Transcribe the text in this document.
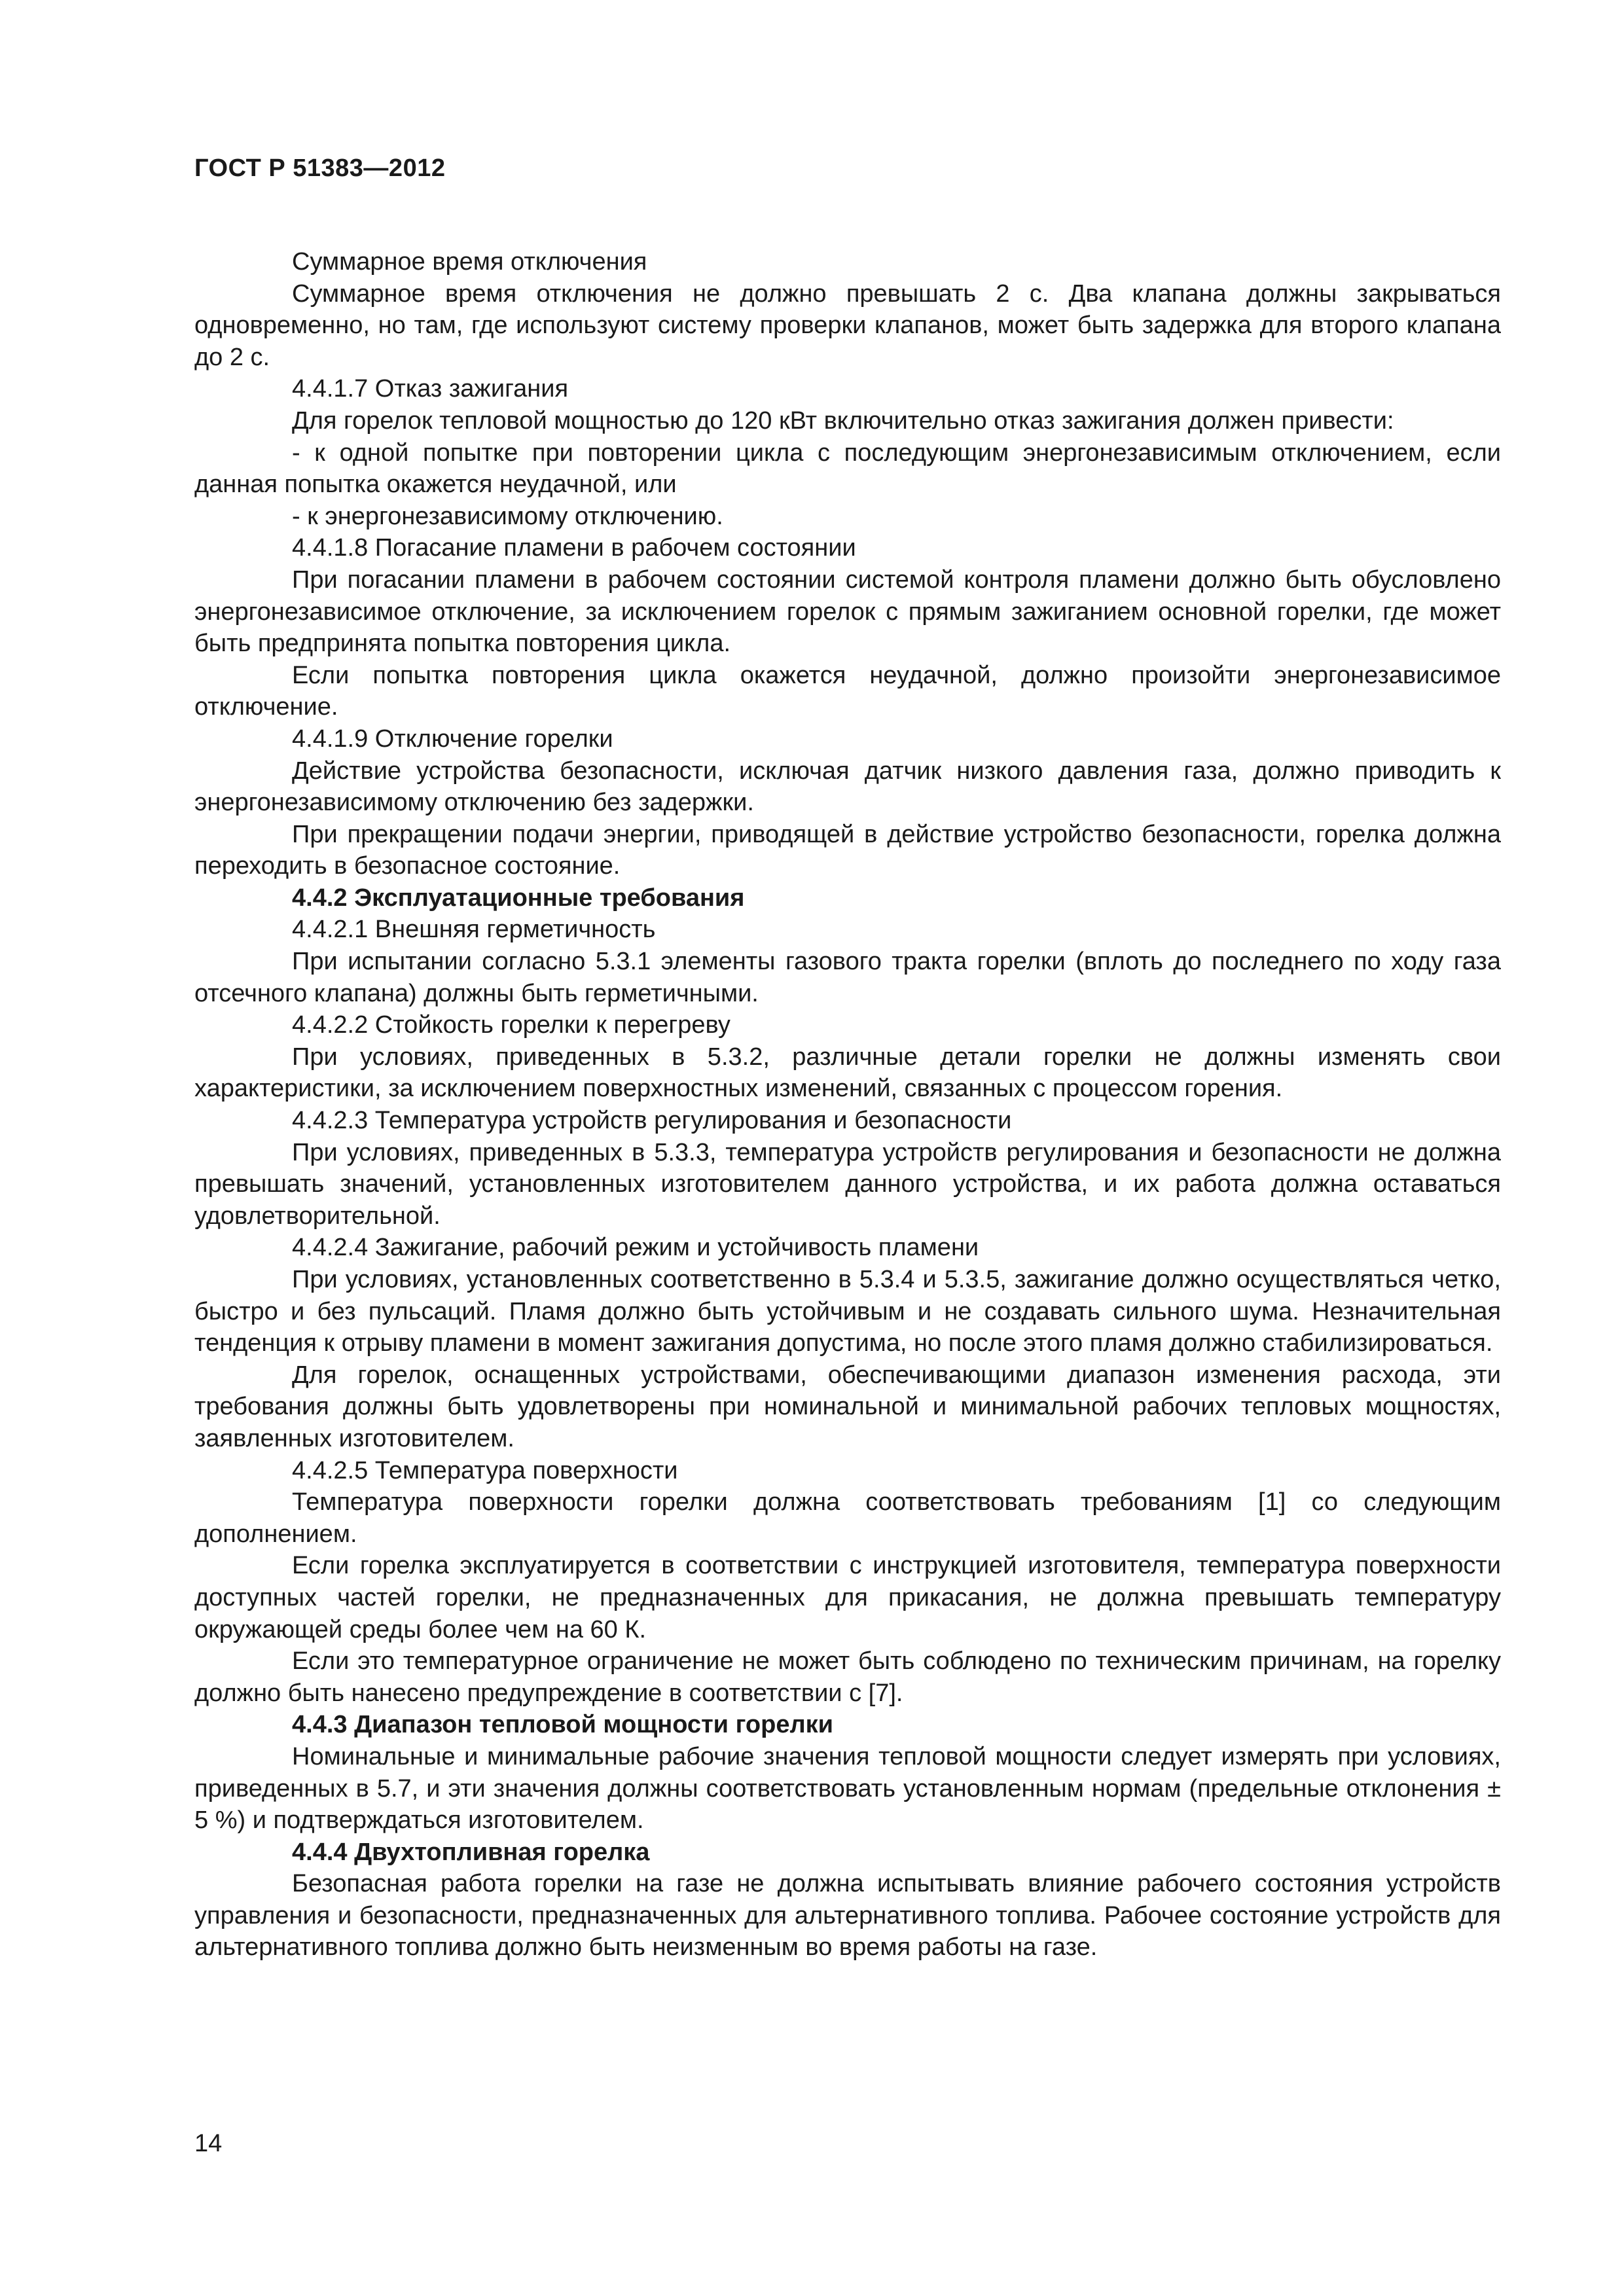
ГОСТ Р 51383—2012

Суммарное время отключения

Суммарное время отключения не должно превышать 2 с. Два клапана должны закрываться одновременно, но там, где используют систему проверки клапанов, может быть задержка для второго клапана до 2 с.

4.4.1.7 Отказ зажигания

Для горелок тепловой мощностью до 120 кВт включительно отказ зажигания должен привести:

- к одной попытке при повторении цикла с последующим энергонезависимым отключением, если данная попытка окажется неудачной, или

- к энергонезависимому отключению.

4.4.1.8 Погасание пламени в рабочем состоянии

При погасании пламени в рабочем состоянии системой контроля пламени должно быть обусловлено энергонезависимое отключение, за исключением горелок с прямым зажиганием основной горелки, где может быть предпринята попытка повторения цикла.

Если попытка повторения цикла окажется неудачной, должно произойти энергонезависимое отключение.

4.4.1.9 Отключение горелки

Действие устройства безопасности, исключая датчик низкого давления газа, должно приводить к энергонезависимому отключению без задержки.

При прекращении подачи энергии, приводящей в действие устройство безопасности, горелка должна переходить в безопасное состояние.

4.4.2 Эксплуатационные требования

4.4.2.1 Внешняя герметичность

При испытании согласно 5.3.1 элементы газового тракта горелки (вплоть до последнего по ходу газа отсечного клапана) должны быть герметичными.

4.4.2.2 Стойкость горелки к перегреву

При условиях, приведенных в 5.3.2, различные детали горелки не должны изменять свои характеристики, за исключением поверхностных изменений, связанных с процессом горения.

4.4.2.3 Температура устройств регулирования и безопасности

При условиях, приведенных в 5.3.3, температура устройств регулирования и безопасности не должна превышать значений, установленных изготовителем данного устройства, и их работа должна оставаться удовлетворительной.

4.4.2.4 Зажигание, рабочий режим и устойчивость пламени

При условиях, установленных соответственно в 5.3.4 и 5.3.5, зажигание должно осуществляться четко, быстро и без пульсаций. Пламя должно быть устойчивым и не создавать сильного шума. Незначительная тенденция к отрыву пламени в момент зажигания допустима, но после этого пламя должно стабилизироваться.

Для горелок, оснащенных устройствами, обеспечивающими диапазон изменения расхода, эти требования должны быть удовлетворены при номинальной и минимальной рабочих тепловых мощностях, заявленных изготовителем.

4.4.2.5 Температура поверхности

Температура поверхности горелки должна соответствовать требованиям [1] со следующим дополнением.

Если горелка эксплуатируется в соответствии с инструкцией изготовителя, температура поверхности доступных частей горелки, не предназначенных для прикасания, не должна превышать температуру окружающей среды более чем на 60 К.

Если это температурное ограничение не может быть соблюдено по техническим причинам, на горелку должно быть нанесено предупреждение в соответствии с [7].

4.4.3 Диапазон тепловой мощности горелки

Номинальные и минимальные рабочие значения тепловой мощности следует измерять при условиях, приведенных в 5.7, и эти значения должны соответствовать установленным нормам (предельные отклонения ± 5 %) и подтверждаться изготовителем.

4.4.4 Двухтопливная горелка

Безопасная работа горелки на газе не должна испытывать влияние рабочего состояния устройств управления и безопасности, предназначенных для альтернативного топлива. Рабочее состояние устройств для альтернативного топлива должно быть неизменным во время работы на газе.

14
